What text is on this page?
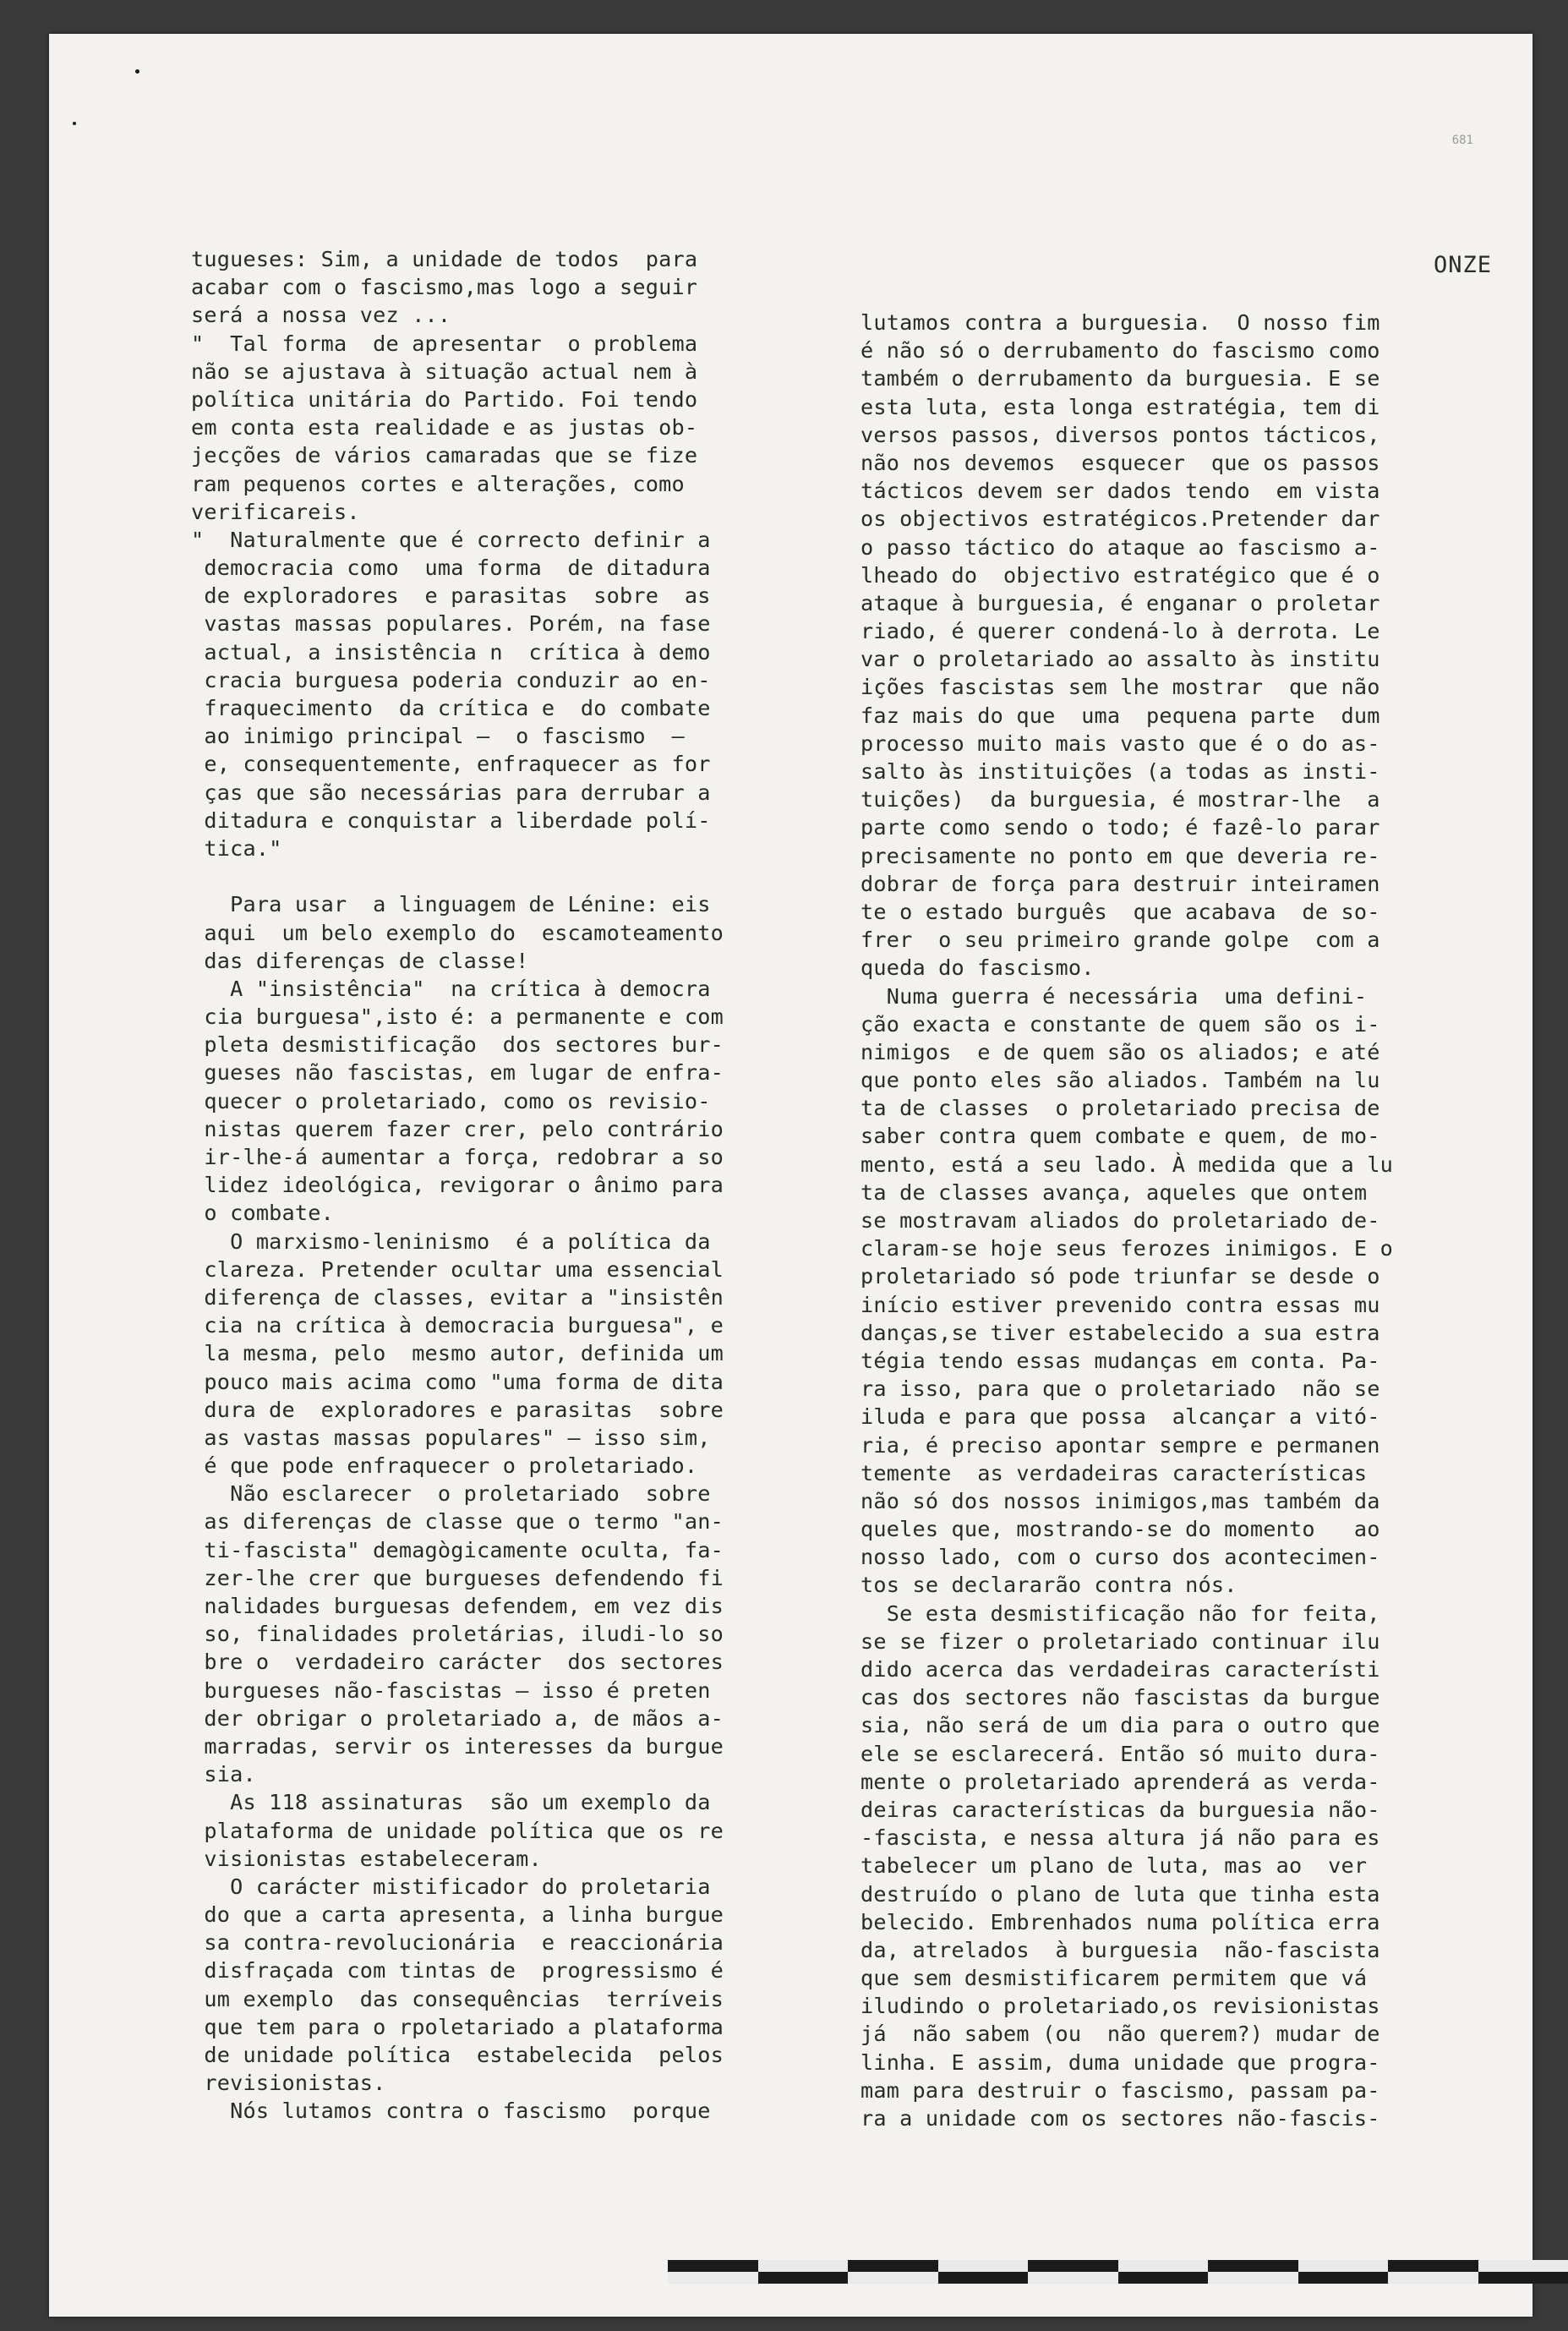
681
ONZE
tugueses: Sim, a unidade de todos  para
acabar com o fascismo,mas logo a seguir
será a nossa vez ...
"  Tal forma  de apresentar  o problema
não se ajustava à situação actual nem à
política unitária do Partido. Foi tendo
em conta esta realidade e as justas ob-
jecções de vários camaradas que se fize
ram pequenos cortes e alterações, como
verificareis.
"  Naturalmente que é correcto definir a
democracia como  uma forma  de ditadura
de exploradores  e parasitas  sobre  as
vastas massas populares. Porém, na fase
actual, a insistência n  crítica à demo
cracia burguesa poderia conduzir ao en-
fraquecimento  da crítica e  do combate
ao inimigo principal —  o fascismo  —
e, consequentemente, enfraquecer as for
ças que são necessárias para derrubar a
ditadura e conquistar a liberdade polí-
tica."
Para usar  a linguagem de Lénine: eis
aqui  um belo exemplo do  escamoteamento
das diferenças de classe!
A "insistência"  na crítica à democra
cia burguesa",isto é: a permanente e com
pleta desmistificação  dos sectores bur-
gueses não fascistas, em lugar de enfra-
quecer o proletariado, como os revisio-
nistas querem fazer crer, pelo contrário
ir-lhe-á aumentar a força, redobrar a so
lidez ideológica, revigorar o ânimo para
o combate.
O marxismo-leninismo  é a política da
clareza. Pretender ocultar uma essencial
diferença de classes, evitar a "insistên
cia na crítica à democracia burguesa", e
la mesma, pelo  mesmo autor, definida um
pouco mais acima como "uma forma de dita
dura de  exploradores e parasitas  sobre
as vastas massas populares" — isso sim,
é que pode enfraquecer o proletariado.
Não esclarecer  o proletariado  sobre
as diferenças de classe que o termo "an-
ti-fascista" demagògicamente oculta, fa-
zer-lhe crer que burgueses defendendo fi
nalidades burguesas defendem, em vez dis
so, finalidades proletárias, iludi-lo so
bre o  verdadeiro carácter  dos sectores
burgueses não-fascistas — isso é preten
der obrigar o proletariado a, de mãos a-
marradas, servir os interesses da burgue
sia.
As 118 assinaturas  são um exemplo da
plataforma de unidade política que os re
visionistas estabeleceram.
O carácter mistificador do proletaria
do que a carta apresenta, a linha burgue
sa contra-revolucionária  e reaccionária
disfraçada com tintas de  progressismo é
um exemplo  das consequências  terríveis
que tem para o rpoletariado a plataforma
de unidade política  estabelecida  pelos
revisionistas.
Nós lutamos contra o fascismo  porque
lutamos contra a burguesia.  O nosso fim
é não só o derrubamento do fascismo como
também o derrubamento da burguesia. E se
esta luta, esta longa estratégia, tem di
versos passos, diversos pontos tácticos,
não nos devemos  esquecer  que os passos
tácticos devem ser dados tendo  em vista
os objectivos estratégicos.Pretender dar
o passo táctico do ataque ao fascismo a-
lheado do  objectivo estratégico que é o
ataque à burguesia, é enganar o proletar
riado, é querer condená-lo à derrota. Le
var o proletariado ao assalto às institu
ições fascistas sem lhe mostrar  que não
faz mais do que  uma  pequena parte  dum
processo muito mais vasto que é o do as-
salto às instituições (a todas as insti-
tuições)  da burguesia, é mostrar-lhe  a
parte como sendo o todo; é fazê-lo parar
precisamente no ponto em que deveria re-
dobrar de força para destruir inteiramen
te o estado burguês  que acabava  de so-
frer  o seu primeiro grande golpe  com a
queda do fascismo.
Numa guerra é necessária  uma defini-
ção exacta e constante de quem são os i-
nimigos  e de quem são os aliados; e até
que ponto eles são aliados. Também na lu
ta de classes  o proletariado precisa de
saber contra quem combate e quem, de mo-
mento, está a seu lado. À medida que a lu
ta de classes avança, aqueles que ontem
se mostravam aliados do proletariado de-
claram-se hoje seus ferozes inimigos. E o
proletariado só pode triunfar se desde o
início estiver prevenido contra essas mu
danças,se tiver estabelecido a sua estra
tégia tendo essas mudanças em conta. Pa-
ra isso, para que o proletariado  não se
iluda e para que possa  alcançar a vitó-
ria, é preciso apontar sempre e permanen
temente  as verdadeiras características
não só dos nossos inimigos,mas também da
queles que, mostrando-se do momento   ao
nosso lado, com o curso dos acontecimen-
tos se declararão contra nós.
Se esta desmistificação não for feita,
se se fizer o proletariado continuar ilu
dido acerca das verdadeiras característi
cas dos sectores não fascistas da burgue
sia, não será de um dia para o outro que
ele se esclarecerá. Então só muito dura-
mente o proletariado aprenderá as verda-
deiras características da burguesia não-
-fascista, e nessa altura já não para es
tabelecer um plano de luta, mas ao  ver
destruído o plano de luta que tinha esta
belecido. Embrenhados numa política erra
da, atrelados  à burguesia  não-fascista
que sem desmistificarem permitem que vá
iludindo o proletariado,os revisionistas
já  não sabem (ou  não querem?) mudar de
linha. E assim, duma unidade que progra-
mam para destruir o fascismo, passam pa-
ra a unidade com os sectores não-fascis-
